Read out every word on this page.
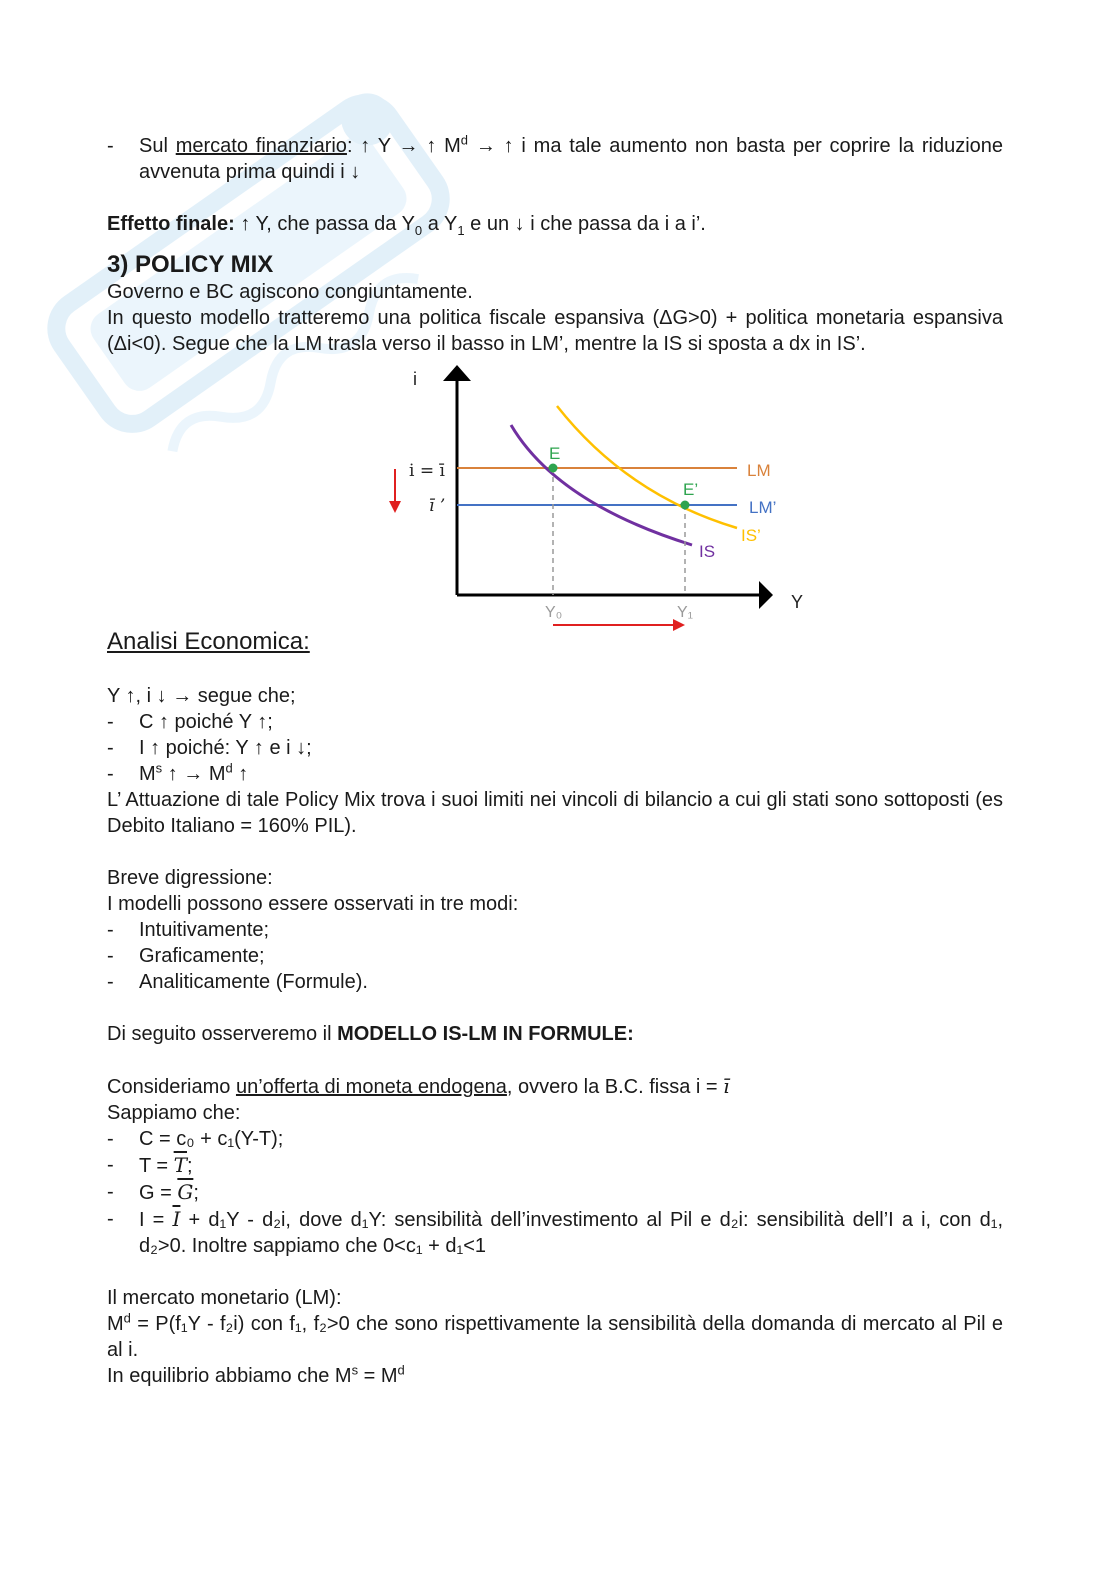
-	Sul mercato finanziario: ↑ Y → ↑ $M^d$ → ↑ i ma tale aumento non basta per coprire la riduzione avvenuta prima quindi i ↓

Effetto finale: ↑ Y, che passa da $Y_0$ a $Y_1$ e un ↓ i che passa da i a i’.

3) POLICY MIX

Governo e BC agiscono congiuntamente.

In questo modello tratteremo una politica fiscale espansiva (ΔG>0) + politica monetaria espansiva (Δi<0). Segue che la LM trasla verso il basso in LM’, mentre la IS si sposta a dx in IS’.

i
Y
LM
LM’
IS’
IS
E
E’
i = ī
ī ’
Y₀	Y₁

Analisi Economica:

Y ↑, i ↓ → segue che;

-	C ↑ poiché Y ↑;
-	I ↑ poiché: Y ↑ e i ↓;
-	$M^s$ ↑ → $M^d$ ↑

L’ Attuazione di tale Policy Mix trova i suoi limiti nei vincoli di bilancio a cui gli stati sono sottoposti (es Debito Italiano = 160% PIL).

Breve digressione:

I modelli possono essere osservati in tre modi:

-	Intuitivamente;
-	Graficamente;
-	Analiticamente (Formule).

Di seguito osserveremo il MODELLO IS-LM IN FORMULE:

Consideriamo un’offerta di moneta endogena, ovvero la B.C. fissa i = ī

Sappiamo che:

-	C = c₀ + c₁(Y-T);
-	$T = \overline{T}$;
-	$G = \overline{G}$;
-	$I = \overline{I} + d_1Y - d_2i$, dove d₁Y: sensibilità dell’investimento al Pil e d₂i: sensibilità dell’I a i, con d₁, d₂>0. Inoltre sappiamo che 0<c₁ + d₁<1

Il mercato monetario (LM):

$M^d = P(f_1Y - f_2i)$ con f₁, f₂>0 che sono rispettivamente la sensibilità della domanda di mercato al Pil e al i.

In equilibrio abbiamo che $M^s = M^d$
